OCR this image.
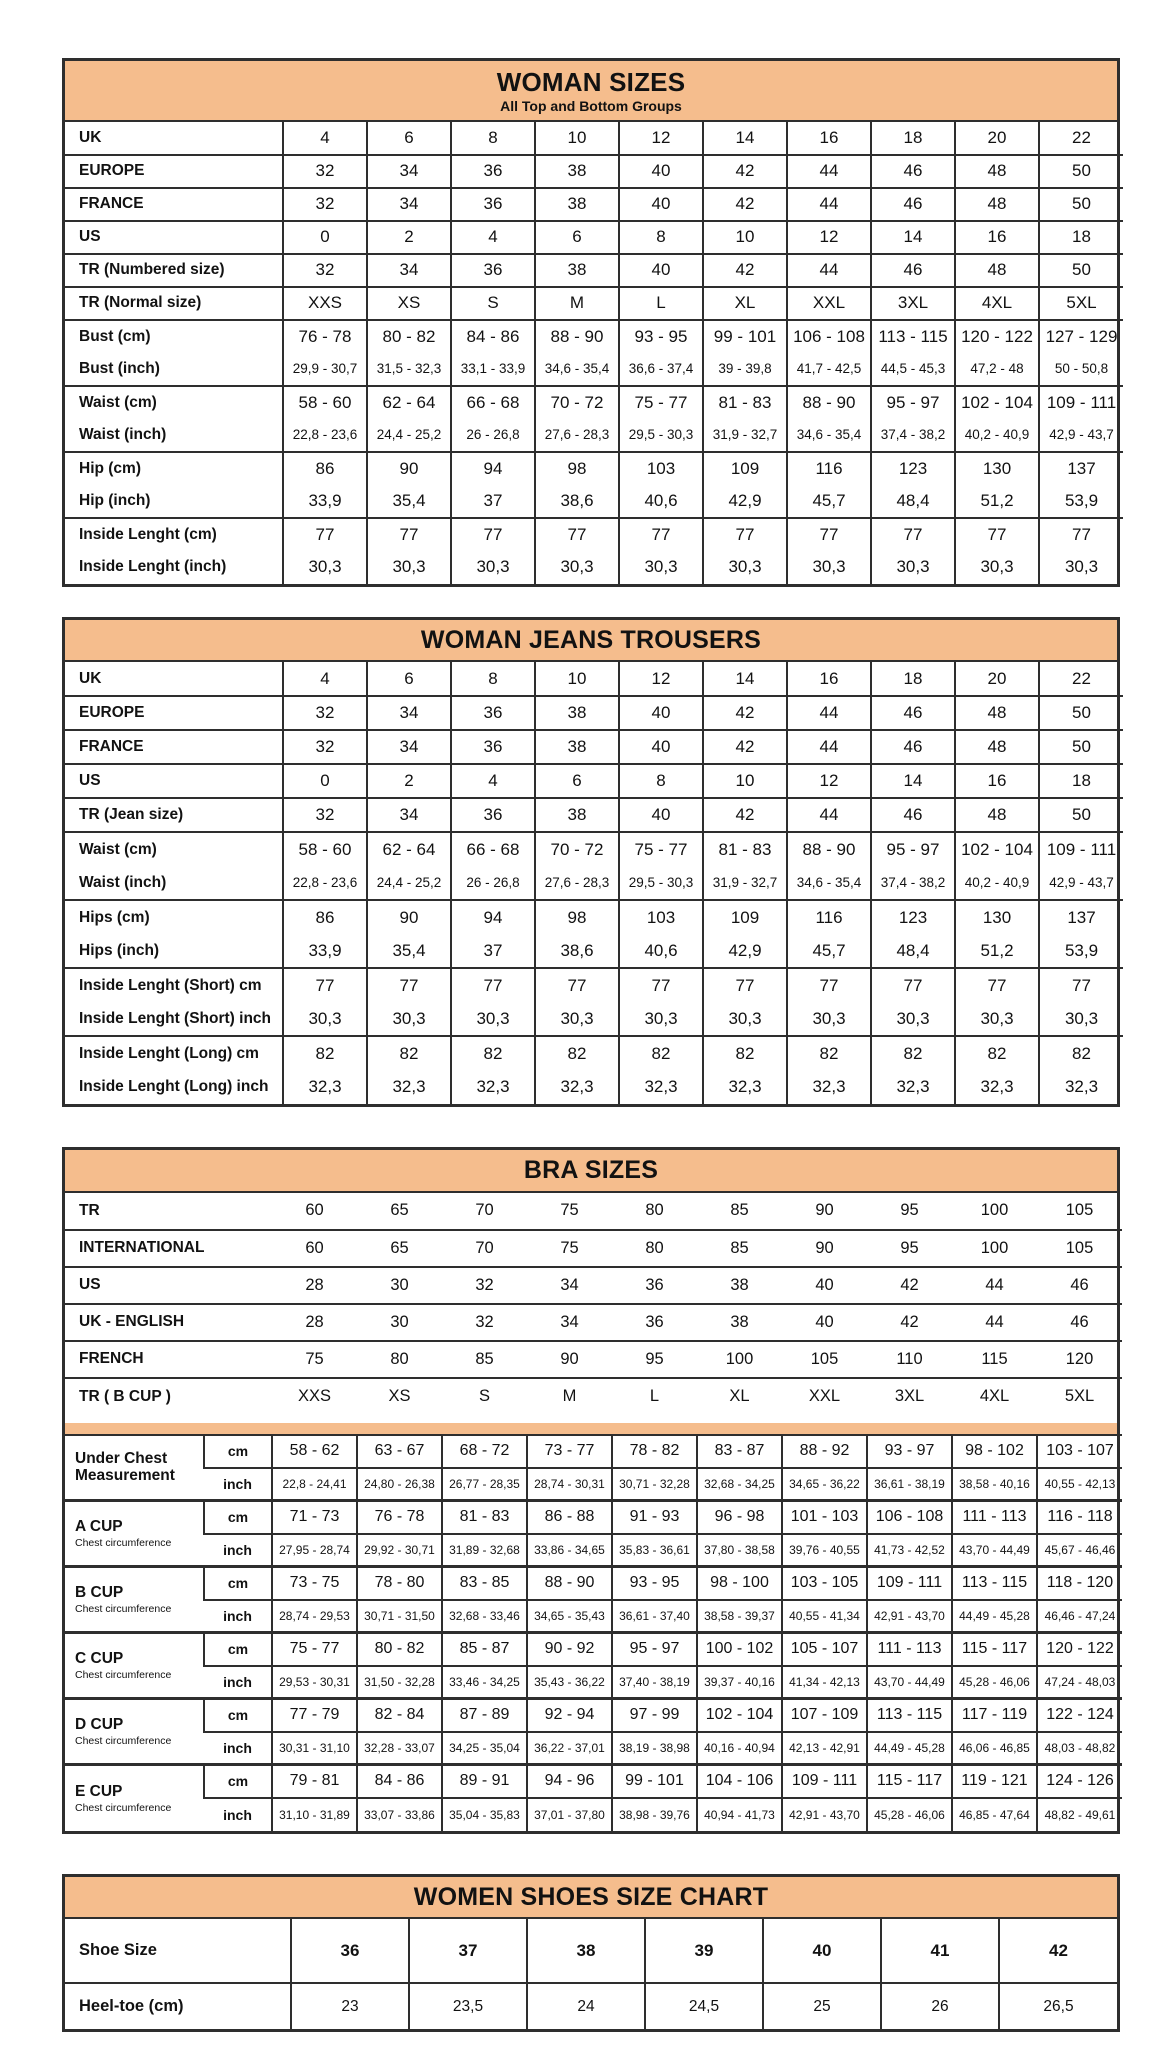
WOMAN SIZES
All Top and Bottom Groups
UK	4	6	8	10	12	14	16	18	20	22
EUROPE	32	34	36	38	40	42	44	46	48	50
FRANCE	32	34	36	38	40	42	44	46	48	50
US	0	2	4	6	8	10	12	14	16	18
TR (Numbered size)	32	34	36	38	40	42	44	46	48	50
TR (Normal size)	XXS	XS	S	M	L	XL	XXL	3XL	4XL	5XL
Bust (cm)	76 - 78	80 - 82	84 - 86	88 - 90	93 - 95	99 - 101	106 - 108	113 - 115	120 - 122	127 - 129
Bust (inch)	29,9 - 30,7	31,5 - 32,3	33,1 - 33,9	34,6 - 35,4	36,6 - 37,4	39 - 39,8	41,7 - 42,5	44,5 - 45,3	47,2 - 48	50 - 50,8
Waist (cm)	58 - 60	62 - 64	66 - 68	70 - 72	75 - 77	81 - 83	88 - 90	95 - 97	102 - 104	109 - 111
Waist (inch)	22,8 - 23,6	24,4 - 25,2	26 - 26,8	27,6 - 28,3	29,5 - 30,3	31,9 - 32,7	34,6 - 35,4	37,4 - 38,2	40,2 - 40,9	42,9 - 43,7
Hip (cm)	86	90	94	98	103	109	116	123	130	137
Hip (inch)	33,9	35,4	37	38,6	40,6	42,9	45,7	48,4	51,2	53,9
Inside Lenght (cm)	77	77	77	77	77	77	77	77	77	77
Inside Lenght (inch)	30,3	30,3	30,3	30,3	30,3	30,3	30,3	30,3	30,3	30,3
WOMAN JEANS TROUSERS
UK	4	6	8	10	12	14	16	18	20	22
EUROPE	32	34	36	38	40	42	44	46	48	50
FRANCE	32	34	36	38	40	42	44	46	48	50
US	0	2	4	6	8	10	12	14	16	18
TR (Jean size)	32	34	36	38	40	42	44	46	48	50
Waist (cm)	58 - 60	62 - 64	66 - 68	70 - 72	75 - 77	81 - 83	88 - 90	95 - 97	102 - 104	109 - 111
Waist (inch)	22,8 - 23,6	24,4 - 25,2	26 - 26,8	27,6 - 28,3	29,5 - 30,3	31,9 - 32,7	34,6 - 35,4	37,4 - 38,2	40,2 - 40,9	42,9 - 43,7
Hips (cm)	86	90	94	98	103	109	116	123	130	137
Hips (inch)	33,9	35,4	37	38,6	40,6	42,9	45,7	48,4	51,2	53,9
Inside Lenght (Short) cm	77	77	77	77	77	77	77	77	77	77
Inside Lenght (Short) inch	30,3	30,3	30,3	30,3	30,3	30,3	30,3	30,3	30,3	30,3
Inside Lenght (Long) cm	82	82	82	82	82	82	82	82	82	82
Inside Lenght (Long) inch	32,3	32,3	32,3	32,3	32,3	32,3	32,3	32,3	32,3	32,3
BRA SIZES
TR	60	65	70	75	80	85	90	95	100	105
INTERNATIONAL	60	65	70	75	80	85	90	95	100	105
US	28	30	32	34	36	38	40	42	44	46
UK - ENGLISH	28	30	32	34	36	38	40	42	44	46
FRENCH	75	80	85	90	95	100	105	110	115	120
TR ( B CUP )	XXS	XS	S	M	L	XL	XXL	3XL	4XL	5XL
Under Chest Measurement	cm	58 - 62	63 - 67	68 - 72	73 - 77	78 - 82	83 - 87	88 - 92	93 - 97	98 - 102	103 - 107
	inch	22,8 - 24,41	24,80 - 26,38	26,77 - 28,35	28,74 - 30,31	30,71 - 32,28	32,68 - 34,25	34,65 - 36,22	36,61 - 38,19	38,58 - 40,16	40,55 - 42,13

A CUP
Chest circumference	cm	71 - 73	76 - 78	81 - 83	86 - 88	91 - 93	96 - 98	101 - 103	106 - 108	111 - 113	116 - 118
	inch	27,95 - 28,74	29,92 - 30,71	31,89 - 32,68	33,86 - 34,65	35,83 - 36,61	37,80 - 38,58	39,76 - 40,55	41,73 - 42,52	43,70 - 44,49	45,67 - 46,46

B CUP
Chest circumference	cm	73 - 75	78 - 80	83 - 85	88 - 90	93 - 95	98 - 100	103 - 105	109 - 111	113 - 115	118 - 120
	inch	28,74 - 29,53	30,71 - 31,50	32,68 - 33,46	34,65 - 35,43	36,61 - 37,40	38,58 - 39,37	40,55 - 41,34	42,91 - 43,70	44,49 - 45,28	46,46 - 47,24

C CUP
Chest circumference	cm	75 - 77	80 - 82	85 - 87	90 - 92	95 - 97	100 - 102	105 - 107	111 - 113	115 - 117	120 - 122
	inch	29,53 - 30,31	31,50 - 32,28	33,46 - 34,25	35,43 - 36,22	37,40 - 38,19	39,37 - 40,16	41,34 - 42,13	43,70 - 44,49	45,28 - 46,06	47,24 - 48,03

D CUP
Chest circumference	cm	77 - 79	82 - 84	87 - 89	92 - 94	97 - 99	102 - 104	107 - 109	113 - 115	117 - 119	122 - 124
	inch	30,31 - 31,10	32,28 - 33,07	34,25 - 35,04	36,22 - 37,01	38,19 - 38,98	40,16 - 40,94	42,13 - 42,91	44,49 - 45,28	46,06 - 46,85	48,03 - 48,82

E CUP
Chest circumference	cm	79 - 81	84 - 86	89 - 91	94 - 96	99 - 101	104 - 106	109 - 111	115 - 117	119 - 121	124 - 126
	inch	31,10 - 31,89	33,07 - 33,86	35,04 - 35,83	37,01 - 37,80	38,98 - 39,76	40,94 - 41,73	42,91 - 43,70	45,28 - 46,06	46,85 - 47,64	48,82 - 49,61
WOMEN SHOES SIZE CHART
Shoe Size	36	37	38	39	40	41	42
Heel-toe (cm)	23	23,5	24	24,5	25	26	26,5
